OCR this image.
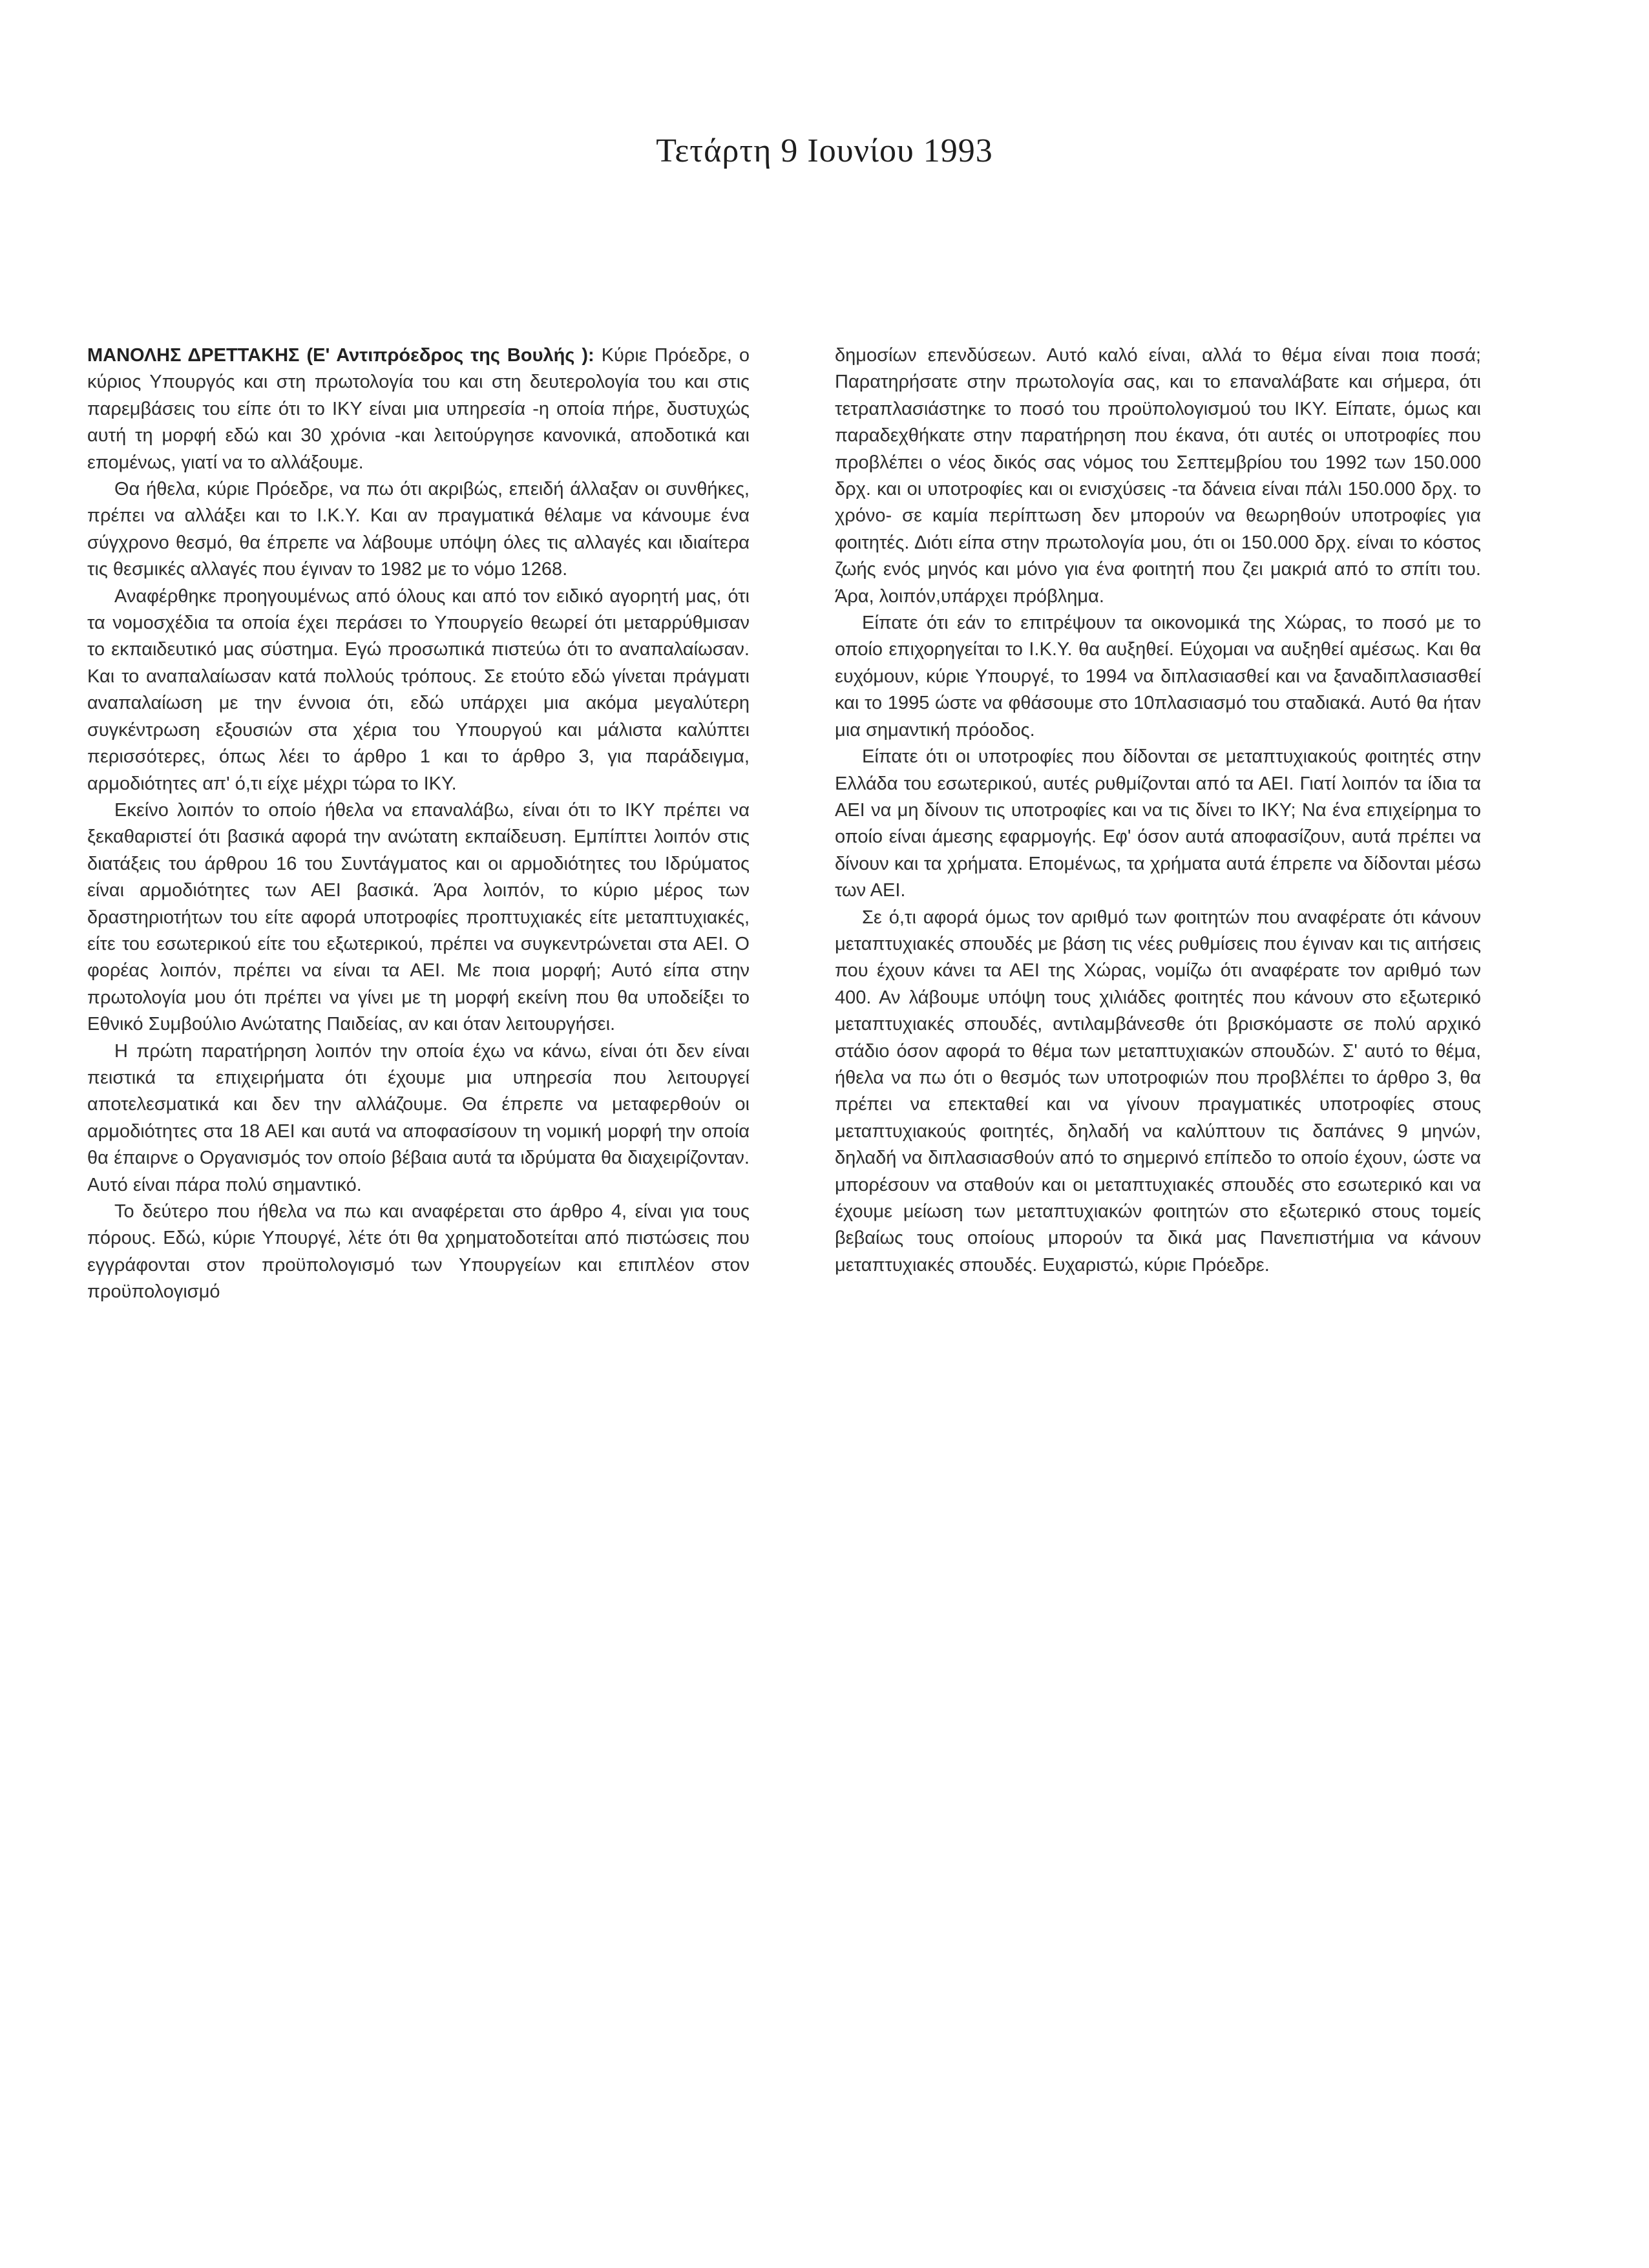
Τετάρτη 9 Ιουνίου 1993

ΜΑΝΟΛΗΣ ΔΡΕΤΤΑΚΗΣ (Ε' Αντιπρόεδρος της Βουλής ): Κύριε Πρόεδρε, ο κύριος Υπουργός και στη πρωτολογία του και στη δευτερολογία του και στις παρεμβάσεις του είπε ότι το ΙΚΥ είναι μια υπηρεσία -η οποία πήρε, δυστυχώς αυτή τη μορφή εδώ και 30 χρόνια -και λειτούργησε κανονικά, αποδοτικά και επομένως, γιατί να το αλλάξουμε.

Θα ήθελα, κύριε Πρόεδρε, να πω ότι ακριβώς, επειδή άλλαξαν οι συνθήκες, πρέπει να αλλάξει και το Ι.Κ.Υ. Και αν πραγματικά θέλαμε να κάνουμε ένα σύγχρονο θεσμό, θα έπρεπε να λάβουμε υπόψη όλες τις αλλαγές και ιδιαίτερα τις θεσμικές αλλαγές που έγιναν το 1982 με το νόμο 1268.

Αναφέρθηκε προηγουμένως από όλους και από τον ειδικό αγορητή μας, ότι τα νομοσχέδια τα οποία έχει περάσει το Υπουργείο θεωρεί ότι μεταρρύθμισαν το εκπαιδευτικό μας σύστημα. Εγώ προσωπικά πιστεύω ότι το αναπαλαίωσαν. Και το αναπαλαίωσαν κατά πολλούς τρόπους. Σε ετούτο εδώ γίνεται πράγματι αναπαλαίωση με την έννοια ότι, εδώ υπάρχει μια ακόμα μεγαλύτερη συγκέντρωση εξουσιών στα χέρια του Υπουργού και μάλιστα καλύπτει περισσότερες, όπως λέει το άρθρο 1 και το άρθρο 3, για παράδειγμα, αρμοδιότητες απ' ό,τι είχε μέχρι τώρα το ΙΚΥ.

Εκείνο λοιπόν το οποίο ήθελα να επαναλάβω, είναι ότι το ΙΚΥ πρέπει να ξεκαθαριστεί ότι βασικά αφορά την ανώτατη εκπαίδευση. Εμπίπτει λοιπόν στις διατάξεις του άρθρου 16 του Συντάγματος και οι αρμοδιότητες του Ιδρύματος είναι αρμοδιότητες των ΑΕΙ βασικά. Άρα λοιπόν, το κύριο μέρος των δραστηριοτήτων του είτε αφορά υποτροφίες προπτυχιακές είτε μεταπτυχιακές, είτε του εσωτερικού είτε του εξωτερικού, πρέπει να συγκεντρώνεται στα ΑΕΙ. Ο φορέας λοιπόν, πρέπει να είναι τα ΑΕΙ. Με ποια μορφή; Αυτό είπα στην πρωτολογία μου ότι πρέπει να γίνει με τη μορφή εκείνη που θα υποδείξει το Εθνικό Συμβούλιο Ανώτατης Παιδείας, αν και όταν λειτουργήσει.

Η πρώτη παρατήρηση λοιπόν την οποία έχω να κάνω, είναι ότι δεν είναι πειστικά τα επιχειρήματα ότι έχουμε μια υπηρεσία που λειτουργεί αποτελεσματικά και δεν την αλλάζουμε. Θα έπρεπε να μεταφερθούν οι αρμοδιότητες στα 18 ΑΕΙ και αυτά να αποφασίσουν τη νομική μορφή την οποία θα έπαιρνε ο Οργανισμός τον οποίο βέβαια αυτά τα ιδρύματα θα διαχειρίζονταν. Αυτό είναι πάρα πολύ σημαντικό.

Το δεύτερο που ήθελα να πω και αναφέρεται στο άρθρο 4, είναι για τους πόρους. Εδώ, κύριε Υπουργέ, λέτε ότι θα χρηματοδοτείται από πιστώσεις που εγγράφονται στον προϋπολογισμό των Υπουργείων και επιπλέον στον προϋπολογισμό

δημοσίων επενδύσεων. Αυτό καλό είναι, αλλά το θέμα είναι ποια ποσά; Παρατηρήσατε στην πρωτολογία σας, και το επαναλάβατε και σήμερα, ότι τετραπλασιάστηκε το ποσό του προϋπολογισμού του ΙΚΥ. Είπατε, όμως και παραδεχθήκατε στην παρατήρηση που έκανα, ότι αυτές οι υποτροφίες που προβλέπει ο νέος δικός σας νόμος του Σεπτεμβρίου του 1992 των 150.000 δρχ. και οι υποτροφίες και οι ενισχύσεις -τα δάνεια είναι πάλι 150.000 δρχ. το χρόνο- σε καμία περίπτωση δεν μπορούν να θεωρηθούν υποτροφίες για φοιτητές. Διότι είπα στην πρωτολογία μου, ότι οι 150.000 δρχ. είναι το κόστος ζωής ενός μηνός και μόνο για ένα φοιτητή που ζει μακριά από το σπίτι του. Άρα, λοιπόν,υπάρχει πρόβλημα.

Είπατε ότι εάν το επιτρέψουν τα οικονομικά της Χώρας, το ποσό με το οποίο επιχορηγείται το Ι.Κ.Υ. θα αυξηθεί. Εύχομαι να αυξηθεί αμέσως. Και θα ευχόμουν, κύριε Υπουργέ, το 1994 να διπλασιασθεί και να ξαναδιπλασιασθεί και το 1995 ώστε να φθάσουμε στο 10πλασιασμό του σταδιακά. Αυτό θα ήταν μια σημαντική πρόοδος.

Είπατε ότι οι υποτροφίες που δίδονται σε μεταπτυχιακούς φοιτητές στην Ελλάδα του εσωτερικού, αυτές ρυθμίζονται από τα ΑΕΙ. Γιατί λοιπόν τα ίδια τα ΑΕΙ να μη δίνουν τις υποτροφίες και να τις δίνει το ΙΚΥ; Να ένα επιχείρημα το οποίο είναι άμεσης εφαρμογής. Εφ' όσον αυτά αποφασίζουν, αυτά πρέπει να δίνουν και τα χρήματα. Επομένως, τα χρήματα αυτά έπρεπε να δίδονται μέσω των ΑΕΙ.

Σε ό,τι αφορά όμως τον αριθμό των φοιτητών που αναφέρατε ότι κάνουν μεταπτυχιακές σπουδές με βάση τις νέες ρυθμίσεις που έγιναν και τις αιτήσεις που έχουν κάνει τα ΑΕΙ της Χώρας, νομίζω ότι αναφέρατε τον αριθμό των 400. Αν λάβουμε υπόψη τους χιλιάδες φοιτητές που κάνουν στο εξωτερικό μεταπτυχιακές σπουδές, αντιλαμβάνεσθε ότι βρισκόμαστε σε πολύ αρχικό στάδιο όσον αφορά το θέμα των μεταπτυχιακών σπουδών. Σ' αυτό το θέμα, ήθελα να πω ότι ο θεσμός των υποτροφιών που προβλέπει το άρθρο 3, θα πρέπει να επεκταθεί και να γίνουν πραγματικές υποτροφίες στους μεταπτυχιακούς φοιτητές, δηλαδή να καλύπτουν τις δαπάνες 9 μηνών, δηλαδή να διπλασιασθούν από το σημερινό επίπεδο το οποίο έχουν, ώστε να μπορέσουν να σταθούν και οι μεταπτυχιακές σπουδές στο εσωτερικό και να έχουμε μείωση των μεταπτυχιακών φοιτητών στο εξωτερικό στους τομείς βεβαίως τους οποίους μπορούν τα δικά μας Πανεπιστήμια να κάνουν μεταπτυχιακές σπουδές. Ευχαριστώ, κύριε Πρόεδρε.
